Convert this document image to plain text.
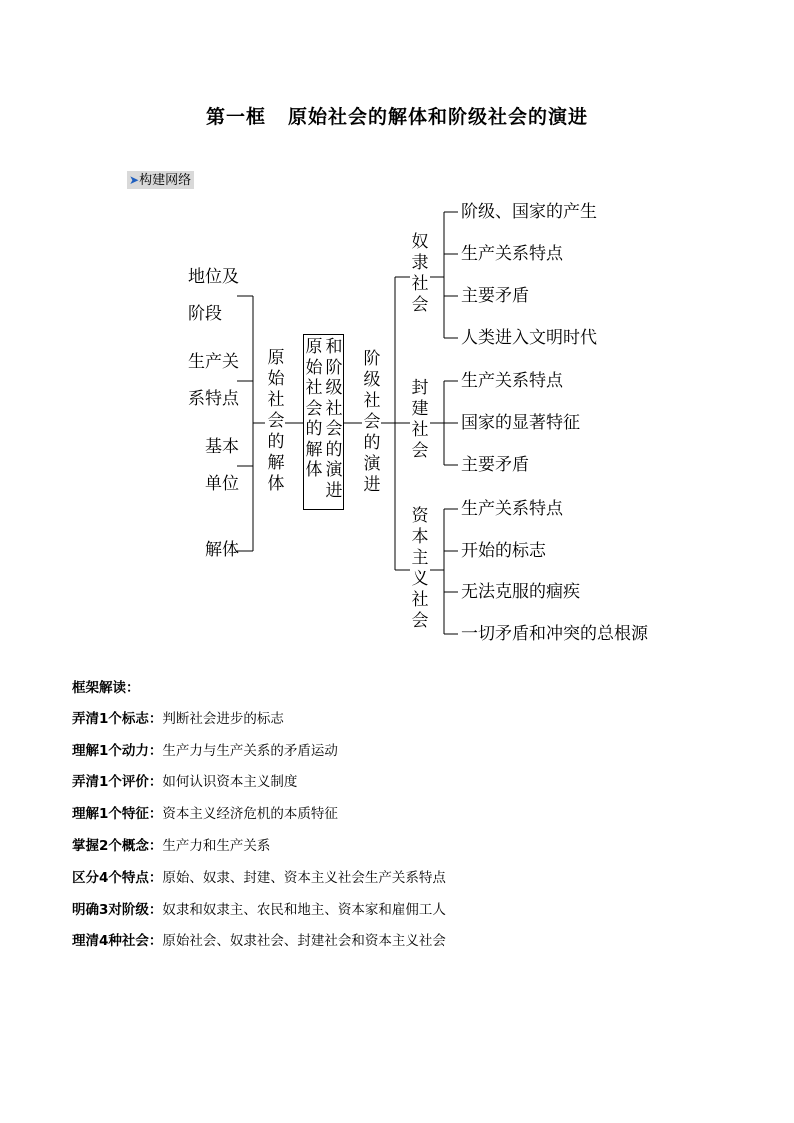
第一框 原始社会的解体和阶级社会的演进
➤构建网络
地位及
阶段
生产关
系特点
基本
单位
解体
原
始
社
会
的
解
体
原
始
社
会
的
解
体
和
阶
级
社
会
的
演
进
阶
级
社
会
的
演
进
奴
隶
社
会
封
建
社
会
资
本
主
义
社
会
阶级、国家的产生
生产关系特点
主要矛盾
人类进入文明时代
生产关系特点
国家的显著特征
主要矛盾
生产关系特点
开始的标志
无法克服的痼疾
一切矛盾和冲突的总根源
框架解读：
弄清1个标志：判断社会进步的标志
理解1个动力：生产力与生产关系的矛盾运动
弄清1个评价：如何认识资本主义制度
理解1个特征：资本主义经济危机的本质特征
掌握2个概念：生产力和生产关系
区分4个特点：原始、奴隶、封建、资本主义社会生产关系特点
明确3对阶级：奴隶和奴隶主、农民和地主、资本家和雇佣工人
理清4种社会：原始社会、奴隶社会、封建社会和资本主义社会
